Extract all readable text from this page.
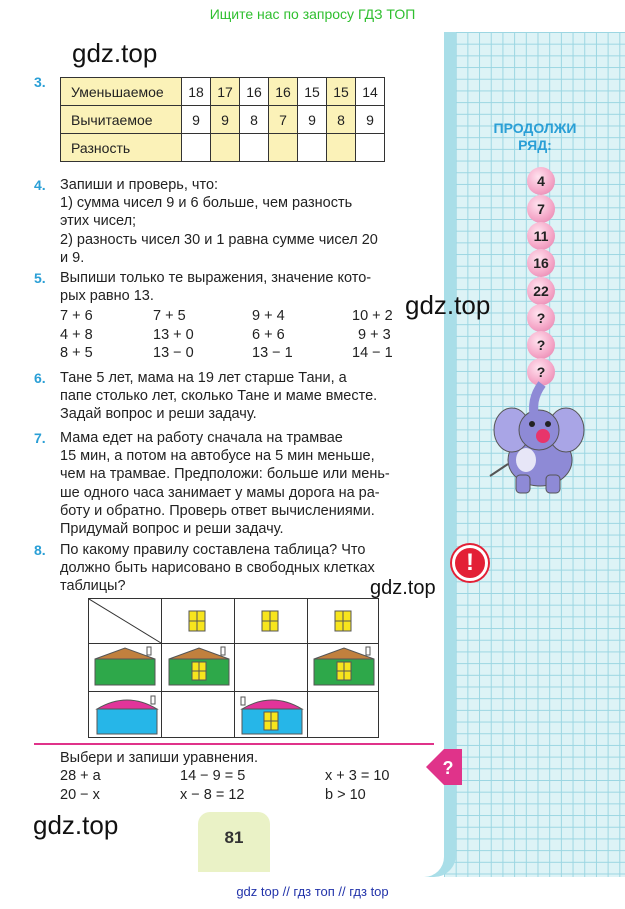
Ищите нас по запросу ГДЗ ТОП
3.
Уменьшаемое	18	17	16	16	15	15	14
Вычитаемое	9	9	8	7	9	8	9
Разность							
4. Запиши и проверь, что:
1) сумма чисел 9 и 6 больше, чем разность
этих чисел;
2) разность чисел 30 и 1 равна сумме чисел 20
и 9.
5. Выпиши только те выражения, значение кото-
рых равно 13.
7 + 6	7 + 5	9 + 4	10 + 2
4 + 8	13 + 0	6 + 6	9 + 3
8 + 5	13 − 0	13 − 1	14 − 1
6. Тане 5 лет, мама на 19 лет старше Тани, а
папе столько лет, сколько Тане и маме вместе.
Задай вопрос и реши задачу.
7. Мама едет на работу сначала на трамвае
15 мин, а потом на автобусе на 5 мин меньше,
чем на трамвае. Предположи: больше или мень-
ше одного часа занимает у мамы дорога на ра-
боту и обратно. Проверь ответ вычислениями.
Придумай вопрос и реши задачу.
8. По какому правилу составлена таблица? Что
должно быть нарисовано в свободных клетках
таблицы?
Выбери и запиши уравнения.
28 + a	14 − 9 = 5	x + 3 = 10
20 − x	x − 8 = 12	b > 10
81
ПРОДОЛЖИ
РЯД:
4
7
11
16
22
?
?
?
!
?
gdz.top
gdz.top
gdz.top
gdz.top
gdz top // гдз топ // гдз top
